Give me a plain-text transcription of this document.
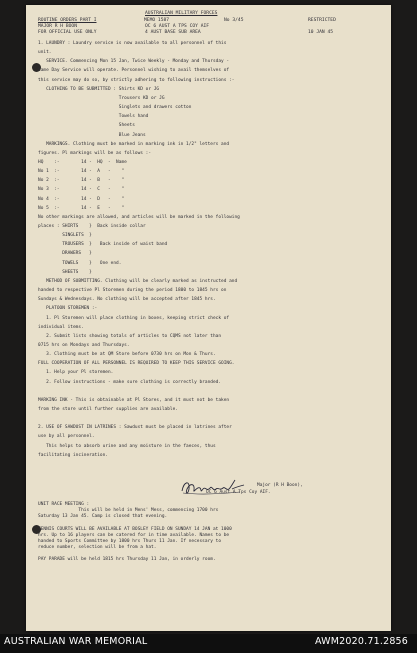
AUSTRALIAN MILITARY FORCES
ROUTINE ORDERS PART I	MEMO 1587	No 3/45	RESTRICTED
MAJOR R H BOON	OC 6 AUST A TPS COY AIF
FOR OFFICIAL USE ONLY	4 AUST BASE SUB AREA	10 JAN 45
1. LAUNDRY : Laundry service is now available to all personnel of this
unit.
SERVICE. Commencing Mon 15 Jan, Twice Weekly - Monday and Thursday -
Same Day Service will operate. Personnel wishing to avail themselves of
this service may do so, by strictly adhering to following instructions :-
CLOTHING TO BE SUBMITTED : Shirts KD or JG
Trousers KD or JG
Singlets and drawers cotton
Towels hand
Sheets
Blue Jeans
MARKINGS. Clothing must be marked in marking ink in 1/2" letters and
figures. Pl markings will be as follows :-
HQ    :-        14 -  HQ  -  Name
No 1  :-        14 -  A   -    "
No 2  :-        14 -  B   -    "
No 3  :-        14 -  C   -    "
No 4  :-        14 -  D   -    "
No 5  :-        14 -  E   -    "
No other markings are allowed, and articles will be marked in the following
places : SHIRTS    }  Back inside collar
SINGLETS  }
TROUSERS  }   Back inside of waist band
DRAWERS   }
TOWELS    }   One end.
SHEETS    }
METHOD OF SUBMITTING. Clothing will be clearly marked as instructed and
handed to respective Pl Storemen during the period 1800 to 1845 hrs on
Sundays & Wednesdays. No clothing will be accepted after 1845 hrs.
PLATOON STOREMEN :-
1. Pl Storemen will place clothing in boxes, keeping strict check of
individual items.
2. Submit lists showing totals of articles to CQMS not later than
0715 hrs on Mondays and Thursdays.
3. Clothing must be at QM Store before 0730 hrs on Mon & Thurs.
FULL COOPERATION OF ALL PERSONNEL IS REQUIRED TO KEEP THIS SERVICE GOING.
1. Help your Pl storemen.
2. Follow instructions - make sure clothing is correctly branded.
MARKING INK - This is obtainable at Pl Stores, and it must not be taken
from the store until further supplies are available.
2. USE OF SAWDUST IN LATRINES : Sawdust must be placed in latrines after
use by all personnel.
This helps to absorb urine and any moisture in the faeces, thus
facilitating incineration.
Major (R H Boon),
OC 6 Aust A Tps Coy AIF.
UNIT RACE MEETING :
This will be held in Mens' Mess, commencing 1700 hrs
Saturday 13 Jan 45. Camp is closed that evening.
TENNIS COURTS WILL BE AVAILABLE AT BOSLEY FIELD ON SUNDAY 14 JAN at 1000
hrs. Up to 16 players can be catered for in time available. Names to be
handed to Sports Committee by 1800 hrs Thurs 11 Jan. If necessary to
reduce number, selection will be from a hat.
PAY PARADE will be held 1815 hrs Thursday 11 Jan, in orderly room.
AUSTRALIAN WAR MEMORIAL	AWM2020.71.2856
